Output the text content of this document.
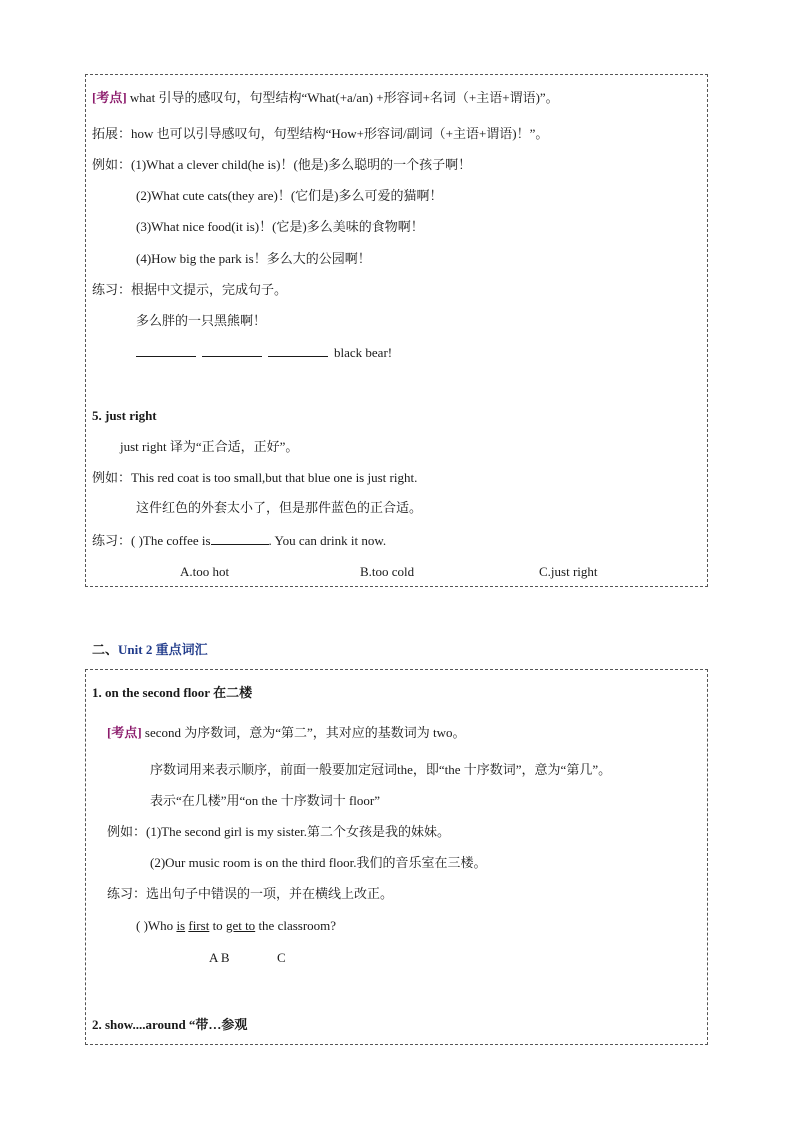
[考点] what 引导的感叹句，句型结构“What(+a/an) +形容词+名词（+主语+谓语)”。
拓展：how 也可以引导感叹句，句型结构“How+形容词/副词（+主语+谓语)！”。
例如：(1)What a clever child(he is)！(他是)多么聪明的一个孩子啊！
(2)What cute cats(they are)！(它们是)多么可爱的猫啊！
(3)What nice food(it is)！(它是)多么美味的食物啊！
(4)How big the park is！多么大的公园啊！
练习：根据中文提示，完成句子。
多么胖的一只黑熊啊！
black bear!
5. just right
just right 译为“正合适，正好”。
例如：This red coat is too small,but that blue one is just right.
这件红色的外套太小了，但是那件蓝色的正合适。
练习：( )The coffee is	. You can drink it now.
A.too hot	B.too cold	C.just right
二、Unit 2 重点词汇
1. on the second floor 在二楼
[考点] second 为序数词，意为“第二”，其对应的基数词为 two。
序数词用来表示顺序，前面一般要加定冠词the，即“the 十序数词”，意为“第几”。
表示“在几楼”用“on the 十序数词十 floor”
例如：(1)The second girl is my sister.第二个女孩是我的妹妹。
(2)Our music room is on the third floor.我们的音乐室在三楼。
练习：选出句子中错误的一项，并在横线上改正。
( )Who is first to get to the classroom?
A B	C
2. show....around “带…参观
